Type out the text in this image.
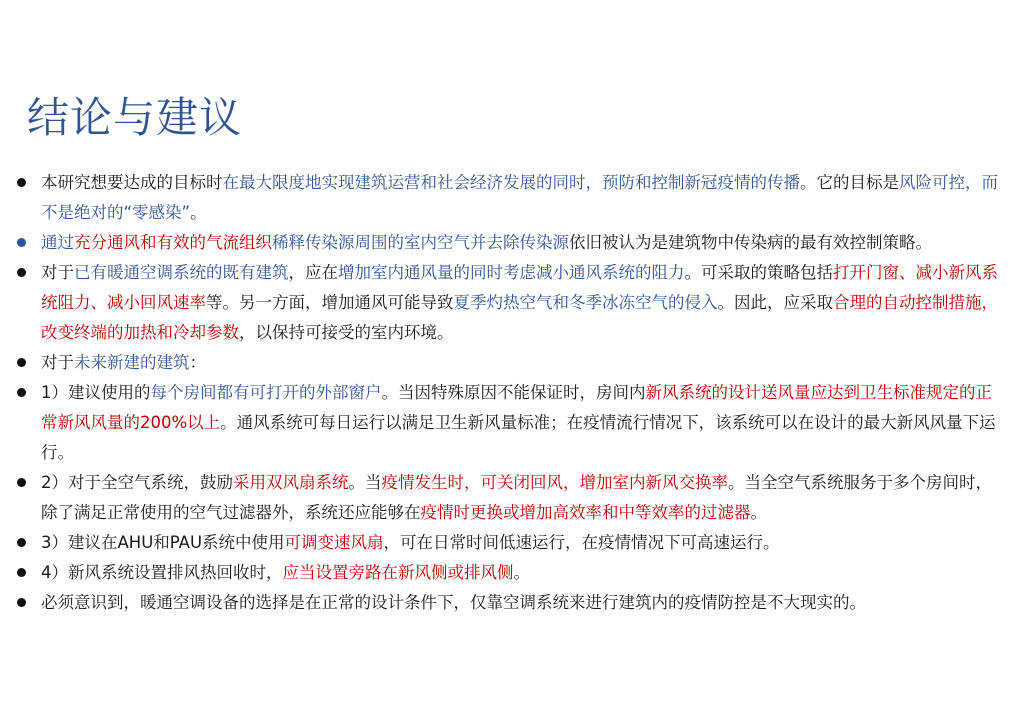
结论与建议
本研究想要达成的目标时在最大限度地实现建筑运营和社会经济发展的同时，预防和控制新冠疫情的传播。它的目标是风险可控，而不是绝对的“零感染”。
通过充分通风和有效的气流组织稀释传染源周围的室内空气并去除传染源依旧被认为是建筑物中传染病的最有效控制策略。
对于已有暖通空调系统的既有建筑，应在增加室内通风量的同时考虑减小通风系统的阻力。可采取的策略包括打开门窗、减小新风系统阻力、减小回风速率等。另一方面，增加通风可能导致夏季灼热空气和冬季冰冻空气的侵入。因此，应采取合理的自动控制措施，改变终端的加热和冷却参数，以保持可接受的室内环境。
对于未来新建的建筑：
1）建议使用的每个房间都有可打开的外部窗户。当因特殊原因不能保证时，房间内新风系统的设计送风量应达到卫生标准规定的正常新风风量的200%以上。通风系统可每日运行以满足卫生新风量标准；在疫情流行情况下，该系统可以在设计的最大新风风量下运行。
2）对于全空气系统，鼓励采用双风扇系统。当疫情发生时，可关闭回风，增加室内新风交换率。当全空气系统服务于多个房间时，除了满足正常使用的空气过滤器外，系统还应能够在疫情时更换或增加高效率和中等效率的过滤器。
3）建议在AHU和PAU系统中使用可调变速风扇，可在日常时间低速运行，在疫情情况下可高速运行。
4）新风系统设置排风热回收时，应当设置旁路在新风侧或排风侧。
必须意识到，暖通空调设备的选择是在正常的设计条件下，仅靠空调系统来进行建筑内的疫情防控是不大现实的。
